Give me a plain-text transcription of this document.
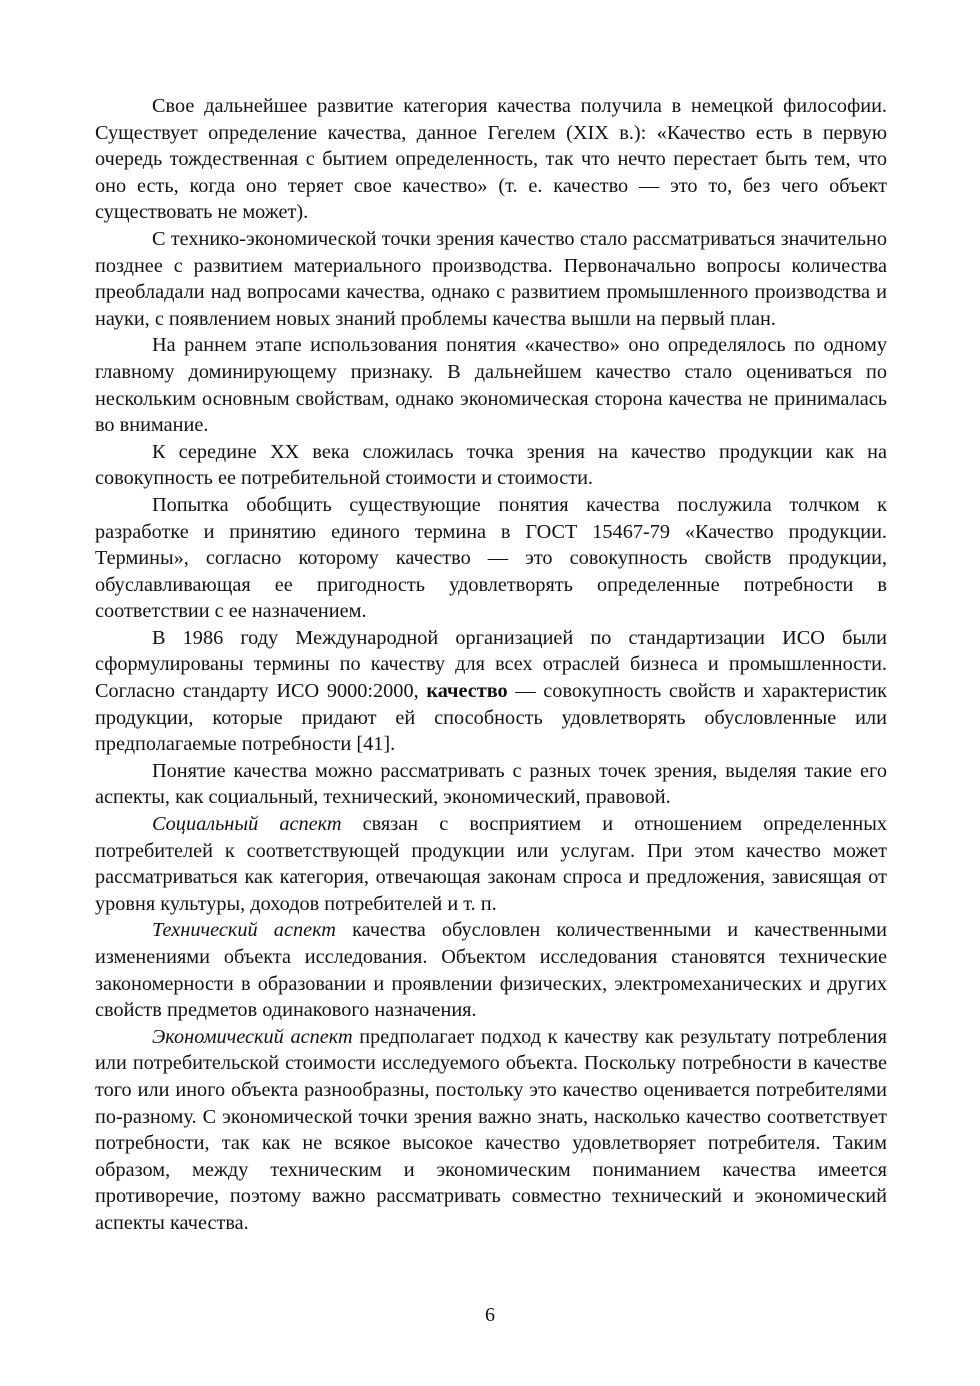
Свое дальнейшее развитие категория качества получила в немецкой философии. Существует определение качества, данное Гегелем (XIX в.): «Качество есть в первую очередь тождественная с бытием определенность, так что нечто перестает быть тем, что оно есть, когда оно теряет свое качество» (т. е. качество — это то, без чего объект существовать не может).

С технико-экономической точки зрения качество стало рассматриваться значительно позднее с развитием материального производства. Первоначально вопросы количества преобладали над вопросами качества, однако с развитием промышленного производства и науки, с появлением новых знаний проблемы качества вышли на первый план.

На раннем этапе использования понятия «качество» оно определялось по одному главному доминирующему признаку. В дальнейшем качество стало оцениваться по нескольким основным свойствам, однако экономическая сторона качества не принималась во внимание.

К середине XX века сложилась точка зрения на качество продукции как на совокупность ее потребительной стоимости и стоимости.

Попытка обобщить существующие понятия качества послужила толчком к разработке и принятию единого термина в ГОСТ 15467-79 «Качество продукции. Термины», согласно которому качество — это совокупность свойств продукции, обуславливающая ее пригодность удовлетворять определенные потребности в соответствии с ее назначением.

В 1986 году Международной организацией по стандартизации ИСО были сформулированы термины по качеству для всех отраслей бизнеса и промышленности. Согласно стандарту ИСО 9000:2000, качество — совокупность свойств и характеристик продукции, которые придают ей способность удовлетворять обусловленные или предполагаемые потребности [41].

Понятие качества можно рассматривать с разных точек зрения, выделяя такие его аспекты, как социальный, технический, экономический, правовой.

Социальный аспект связан с восприятием и отношением определенных потребителей к соответствующей продукции или услугам. При этом качество может рассматриваться как категория, отвечающая законам спроса и предложения, зависящая от уровня культуры, доходов потребителей и т. п.

Технический аспект качества обусловлен количественными и качественными изменениями объекта исследования. Объектом исследования становятся технические закономерности в образовании и проявлении физических, электромеханических и других свойств предметов одинакового назначения.

Экономический аспект предполагает подход к качеству как результату потребления или потребительской стоимости исследуемого объекта. Поскольку потребности в качестве того или иного объекта разнообразны, постольку это качество оценивается потребителями по-разному. С экономической точки зрения важно знать, насколько качество соответствует потребности, так как не всякое высокое качество удовлетворяет потребителя. Таким образом, между техническим и экономическим пониманием качества имеется противоречие, поэтому важно рассматривать совместно технический и экономический аспекты качества.

6
